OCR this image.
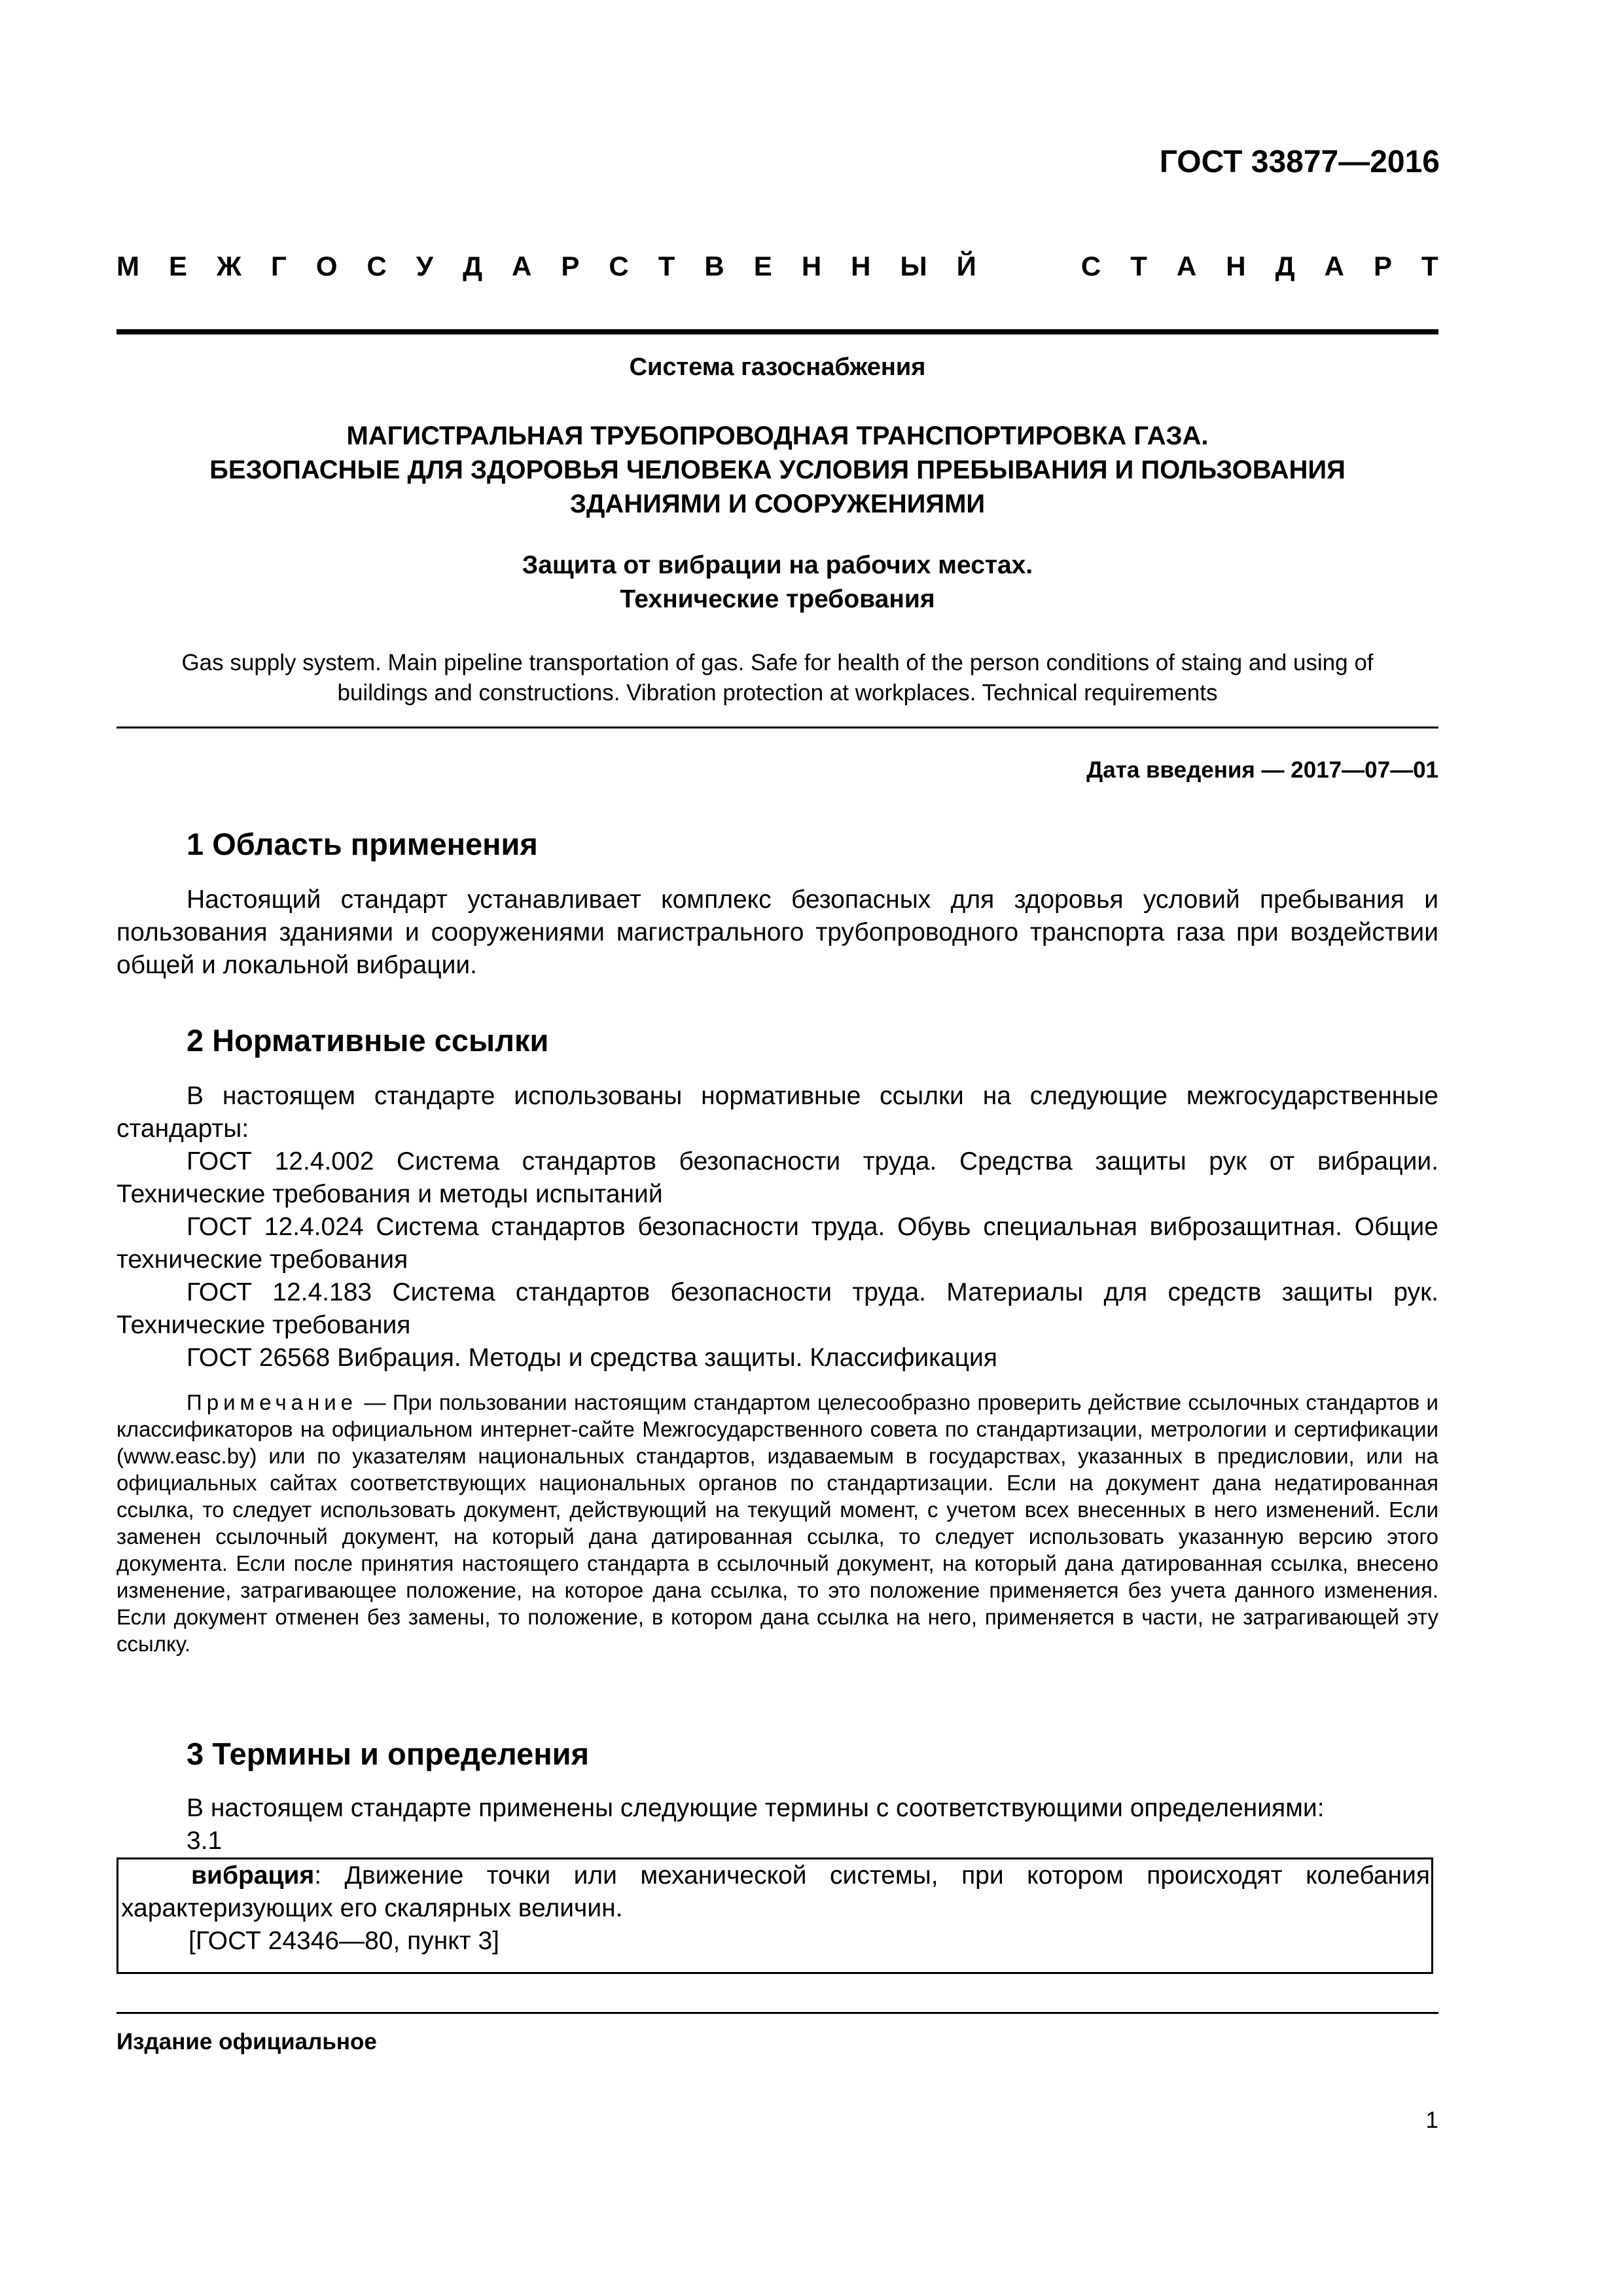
ГОСТ 33877—2016
М Е Ж Г О С У Д А Р С Т В Е Н Н Ы Й	С Т А Н Д А Р Т
Система газоснабжения
МАГИСТРАЛЬНАЯ ТРУБОПРОВОДНАЯ ТРАНСПОРТИРОВКА ГАЗА.
БЕЗОПАСНЫЕ ДЛЯ ЗДОРОВЬЯ ЧЕЛОВЕКА УСЛОВИЯ ПРЕБЫВАНИЯ И ПОЛЬЗОВАНИЯ
ЗДАНИЯМИ И СООРУЖЕНИЯМИ
Защита от вибрации на рабочих местах.
Технические требования
Gas supply system. Main pipeline transportation of gas. Safe for health of the person conditions of staing and using of
buildings and constructions. Vibration protection at workplaces. Technical requirements
Дата введения — 2017—07—01
1 Область применения

Настоящий стандарт устанавливает комплекс безопасных для здоровья условий пребывания и пользования зданиями и сооружениями магистрального трубопроводного транспорта газа при воздействии общей и локальной вибрации.

2 Нормативные ссылки

В настоящем стандарте использованы нормативные ссылки на следующие межгосударственные стандарты:

ГОСТ 12.4.002 Система стандартов безопасности труда. Средства защиты рук от вибрации. Технические требования и методы испытаний

ГОСТ 12.4.024 Система стандартов безопасности труда. Обувь специальная виброзащитная. Общие технические требования

ГОСТ 12.4.183 Система стандартов безопасности труда. Материалы для средств защиты рук. Технические требования

ГОСТ 26568 Вибрация. Методы и средства защиты. Классификация

Примечание — При пользовании настоящим стандартом целесообразно проверить действие ссылочных стандартов и классификаторов на официальном интернет-сайте Межгосударственного совета по стандартизации, метрологии и сертификации (www.easc.by) или по указателям национальных стандартов, издаваемым в государствах, указанных в предисловии, или на официальных сайтах соответствующих национальных органов по стандартизации. Если на документ дана недатированная ссылка, то следует использовать документ, действующий на текущий момент, с учетом всех внесенных в него изменений. Если заменен ссылочный документ, на который дана датированная ссылка, то следует использовать указанную версию этого документа. Если после принятия настоящего стандарта в ссылочный документ, на который дана датированная ссылка, внесено изменение, затрагивающее положение, на которое дана ссылка, то это положение применяется без учета данного изменения. Если документ отменен без замены, то положение, в котором дана ссылка на него, применяется в части, не затрагивающей эту ссылку.

3 Термины и определения

В настоящем стандарте применены следующие термины с соответствующими определениями:

3.1

вибрация: Движение точки или механической системы, при котором происходят колебания характеризующих его скалярных величин.

[ГОСТ 24346—80, пункт 3]

Издание официальное
1
